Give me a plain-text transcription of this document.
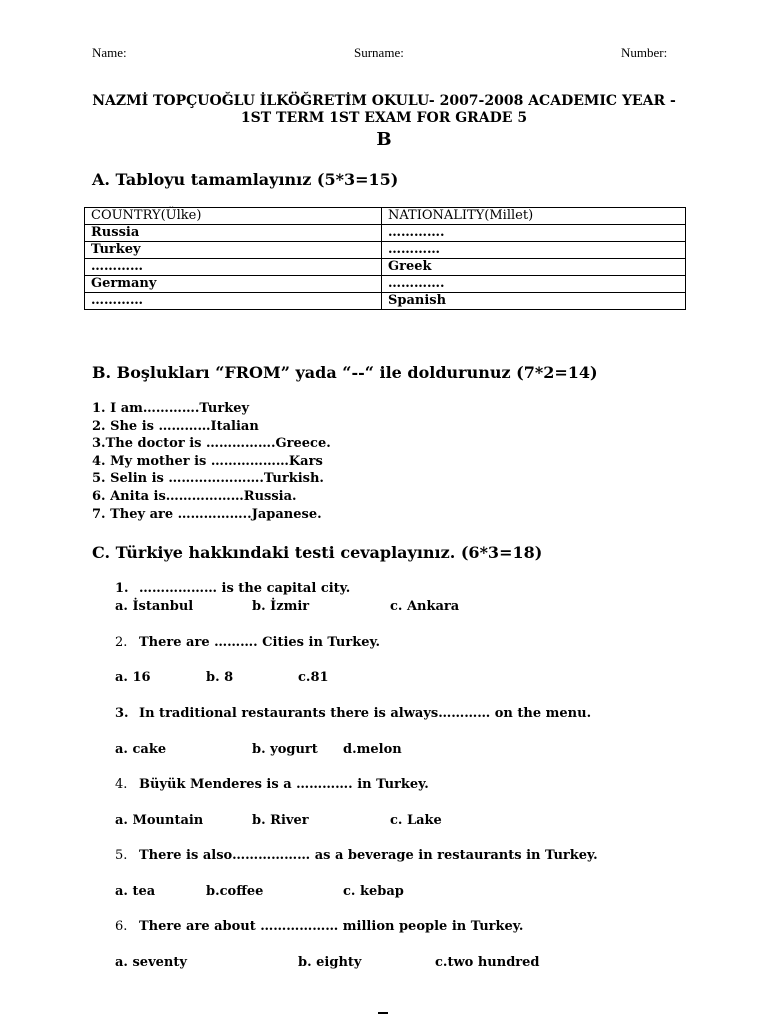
Name:	Surname:	Number:
NAZMİ TOPÇUOĞLU İLKÖĞRETİM OKULU- 2007-2008 ACADEMIC YEAR -
1ST TERM 1ST EXAM FOR GRADE 5
B
A. Tabloyu tamamlayınız (5*3=15)
COUNTRY(Ülke)	NATIONALITY(Millet)
Russia	………….
Turkey	…………
…………	Greek
Germany	………….
…………	Spanish
B. Boşlukları “FROM” yada “--“ ile doldurunuz (7*2=14)
1. I am………….Turkey
2. She is …………Italian
3.The doctor is …………….Greece.
4. My mother is ………………Kars
5. Selin is ………………….Turkish.
6. Anita is………………Russia.
7. They are ……………..Japanese.
C. Türkiye hakkındaki testi cevaplayınız. (6*3=18)
1. ……………… is the capital city.
a. İstanbul	b. İzmir	c. Ankara
2. There are ………. Cities in Turkey.
a. 16	b. 8	c.81
3. In traditional restaurants there is always………… on the menu.
a. cake	b. yogurt d.melon
4. Büyük Menderes is a …………. in Turkey.
a. Mountain	b. River	c. Lake
5. There is also……………… as a beverage in restaurants in Turkey.
a. tea	b.coffee	c. kebap
6. There are about ……………… million people in Turkey.
a. seventy	b. eighty	c.two hundred
